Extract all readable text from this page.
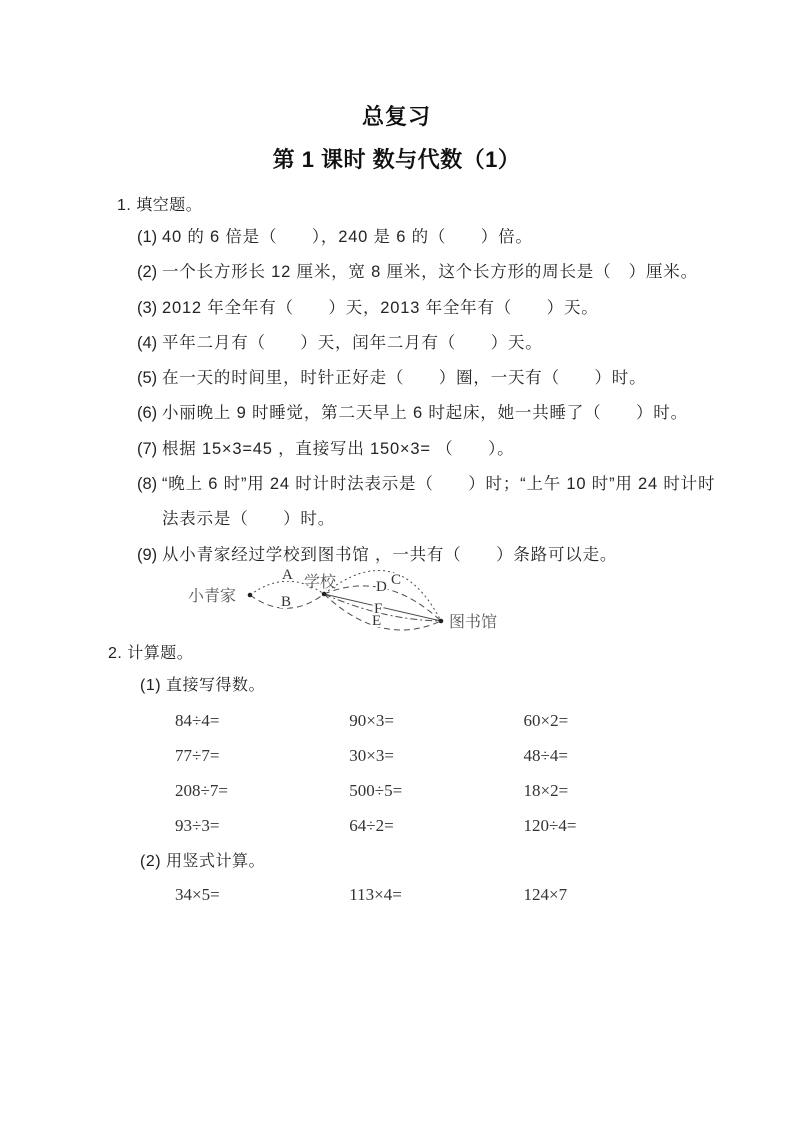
总复习
第 1 课时 数与代数（1）
1. 填空题。
(1) 40 的 6 倍是（　　），240 是 6 的（　　）倍。
(2) 一个长方形长 12 厘米，宽 8 厘米，这个长方形的周长是（　）厘米。
(3) 2012 年全年有（　　）天，2013 年全年有（　　）天。
(4) 平年二月有（　　）天，闰年二月有（　　）天。
(5) 在一天的时间里，时针正好走（　　）圈，一天有（　　）时。
(6) 小丽晚上 9 时睡觉，第二天早上 6 时起床，她一共睡了（　　）时。
(7) 根据 15×3=45 ，直接写出 150×3= （　　）。
(8) “晚上 6 时”用 24 时计时法表示是（　　）时；“上午 10 时”用 24 时计时
法表示是（　　）时。
(9) 从小青家经过学校到图书馆 ，一共有（　　）条路可以走。
小青家
学校
图书馆
A
B
C
D
F
E
2. 计算题。
(1) 直接写得数。
84÷4=	90×3=	60×2=
77÷7=	30×3=	48÷4=
208÷7=	500÷5=	18×2=
93÷3=	64÷2=	120÷4=
(2) 用竖式计算。
34×5=	113×4=	124×7
